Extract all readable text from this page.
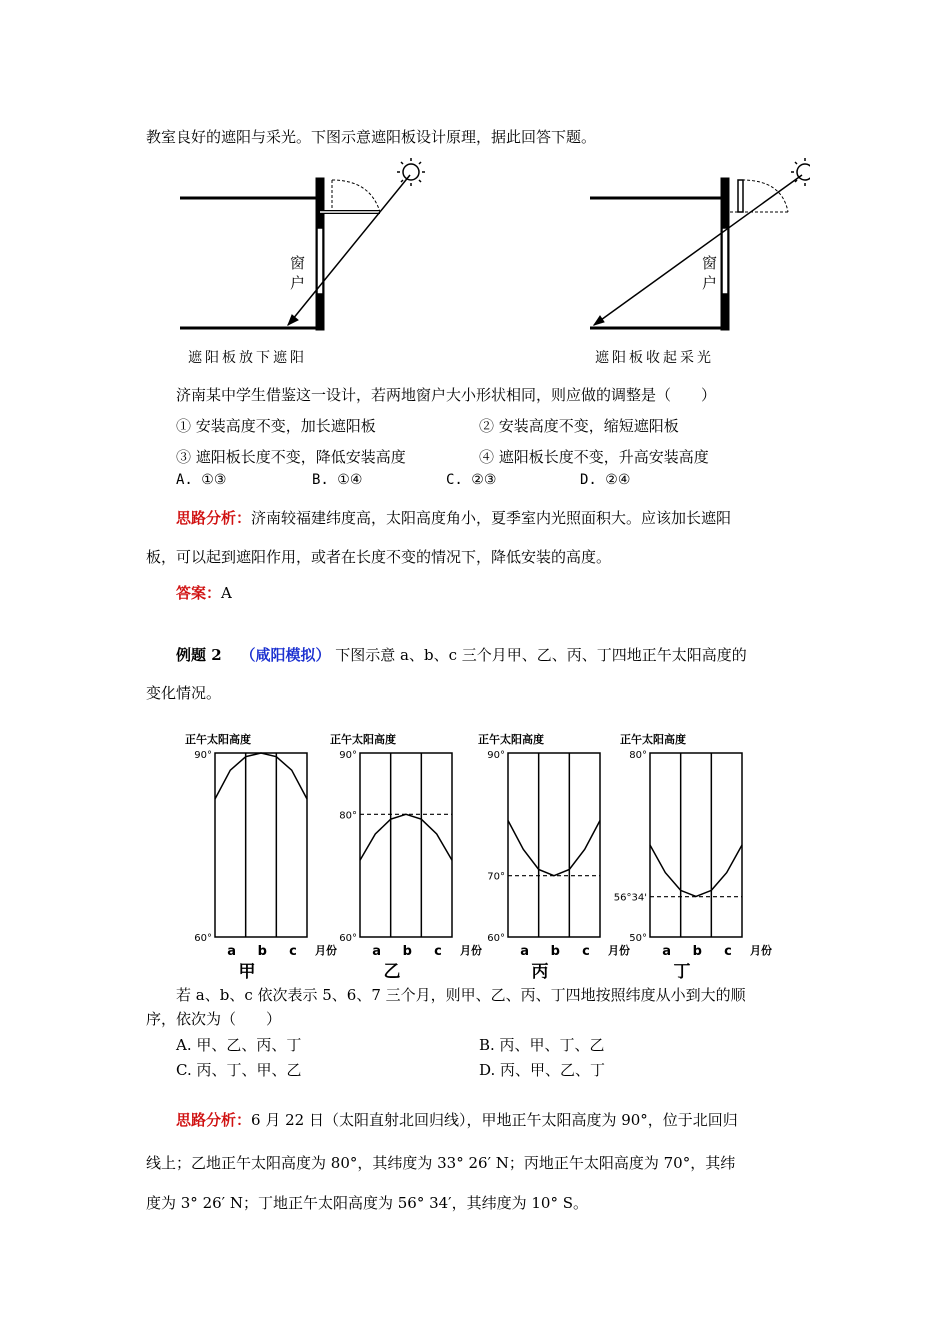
教室良好的遮阳与采光。下图示意遮阳板设计原理，据此回答下题。
窗
户
遮阳板放下遮阳
窗
户
遮阳板收起采光
济南某中学生借鉴这一设计，若两地窗户大小形状相同，则应做的调整是（　　）
① 安装高度不变，加长遮阳板	② 安装高度不变，缩短遮阳板
③ 遮阳板长度不变，降低安装高度	④ 遮阳板长度不变，升高安装高度
A. ①③	B. ①④	C. ②③	D. ②④
思路分析：济南较福建纬度高，太阳高度角小，夏季室内光照面积大。应该加长遮阳
板，可以起到遮阳作用，或者在长度不变的情况下，降低安装的高度。
答案：A
例题 2 （咸阳模拟） 下图示意 a、b、c 三个月甲、乙、丙、丁四地正午太阳高度的
变化情况。
正午太阳高度
90°
60°
a b c 月份
甲
正午太阳高度
90°
60°
80°
a b c 月份
乙
正午太阳高度
90°
60°
70°
a b c 月份
丙
正午太阳高度
80°
50°
56°34'
a b c 月份
丁
若 a、b、c 依次表示 5、6、7 三个月，则甲、乙、丙、丁四地按照纬度从小到大的顺
序，依次为（　　）
A. 甲、乙、丙、丁	B. 丙、甲、丁、乙
C. 丙、丁、甲、乙	D. 丙、甲、乙、丁
思路分析：6 月 22 日（太阳直射北回归线），甲地正午太阳高度为 90°，位于北回归
线上；乙地正午太阳高度为 80°，其纬度为 33° 26′ N；丙地正午太阳高度为 70°，其纬
度为 3° 26′ N；丁地正午太阳高度为 56° 34′，其纬度为 10° S。
